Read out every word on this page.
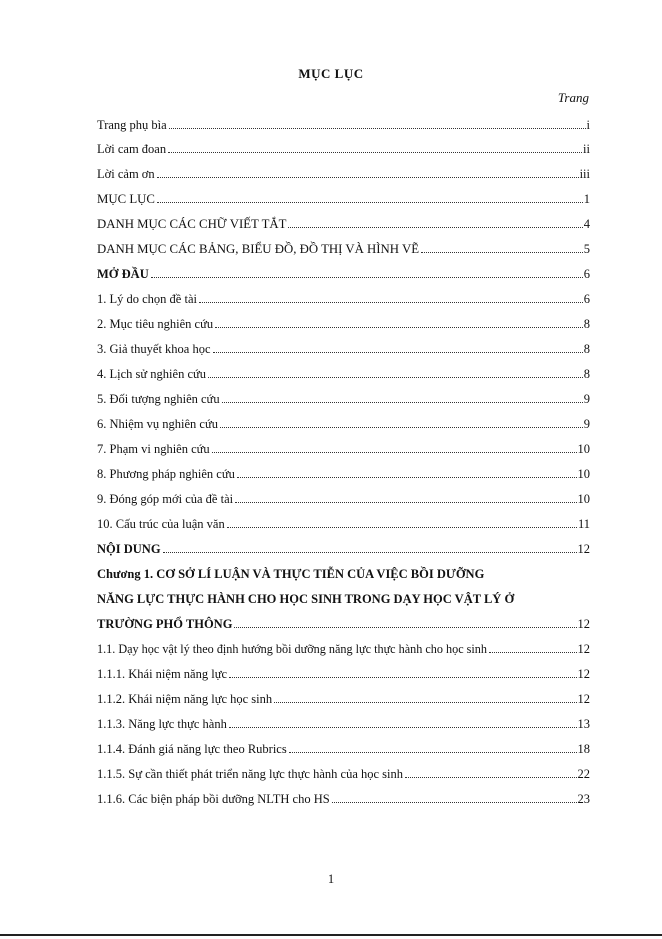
MỤC LỤC
Trang
Trang phụ bìa	i
Lời cam đoan	ii
Lời cảm ơn	iii
MỤC LỤC	1
DANH MỤC CÁC CHỮ VIẾT TẮT	4
DANH MỤC CÁC BẢNG, BIỂU ĐỒ, ĐỒ THỊ VÀ HÌNH VẼ	5
MỞ ĐẦU	6
1. Lý do chọn đề tài	6
2. Mục tiêu nghiên cứu	8
3. Giả thuyết khoa học	8
4. Lịch sử nghiên cứu	8
5. Đối tượng nghiên cứu	9
6. Nhiệm vụ nghiên cứu	9
7. Phạm vi nghiên cứu	10
8. Phương pháp nghiên cứu	10
9. Đóng góp mới của đề tài	10
10. Cấu trúc của luận văn	11
NỘI DUNG	12
Chương 1. CƠ SỞ LÍ LUẬN VÀ THỰC TIỄN CỦA VIỆC BỒI DƯỠNG
NĂNG LỰC THỰC HÀNH CHO HỌC SINH TRONG DẠY HỌC VẬT LÝ Ở
TRƯỜNG PHỔ THÔNG	12
1.1. Dạy học vật lý theo định hướng bồi dưỡng năng lực thực hành cho học sinh	12
1.1.1. Khái niệm năng lực	12
1.1.2. Khái niệm năng lực học sinh	12
1.1.3. Năng lực thực hành	13
1.1.4. Đánh giá năng lực theo Rubrics	18
1.1.5. Sự cần thiết phát triển năng lực thực hành của học sinh	22
1.1.6. Các biện pháp bồi dưỡng NLTH cho HS	23
1
